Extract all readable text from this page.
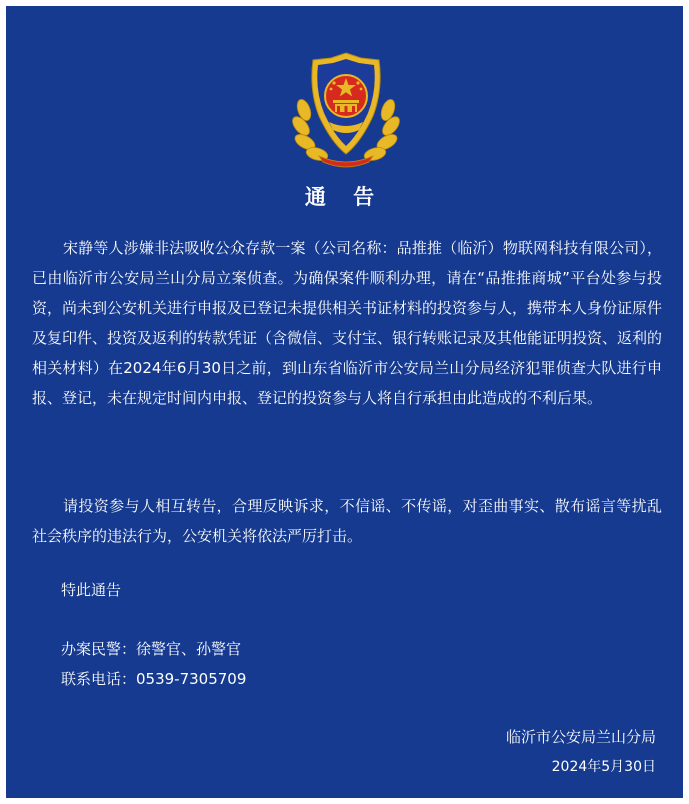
通 告
宋静等人涉嫌非法吸收公众存款一案（公司名称：品推推（临沂）物联网科技有限公司），已由临沂市公安局兰山分局立案侦查。为确保案件顺利办理，请在“品推推商城”平台处参与投资，尚未到公安机关进行申报及已登记未提供相关书证材料的投资参与人，携带本人身份证原件及复印件、投资及返利的转款凭证（含微信、支付宝、银行转账记录及其他能证明投资、返利的相关材料）在2024年6月30日之前，到山东省临沂市公安局兰山分局经济犯罪侦查大队进行申报、登记，未在规定时间内申报、登记的投资参与人将自行承担由此造成的不利后果。
请投资参与人相互转告，合理反映诉求，不信谣、不传谣，对歪曲事实、散布谣言等扰乱社会秩序的违法行为，公安机关将依法严厉打击。
特此通告
办案民警：徐警官、孙警官
联系电话：0539-7305709
临沂市公安局兰山分局
2024年5月30日
